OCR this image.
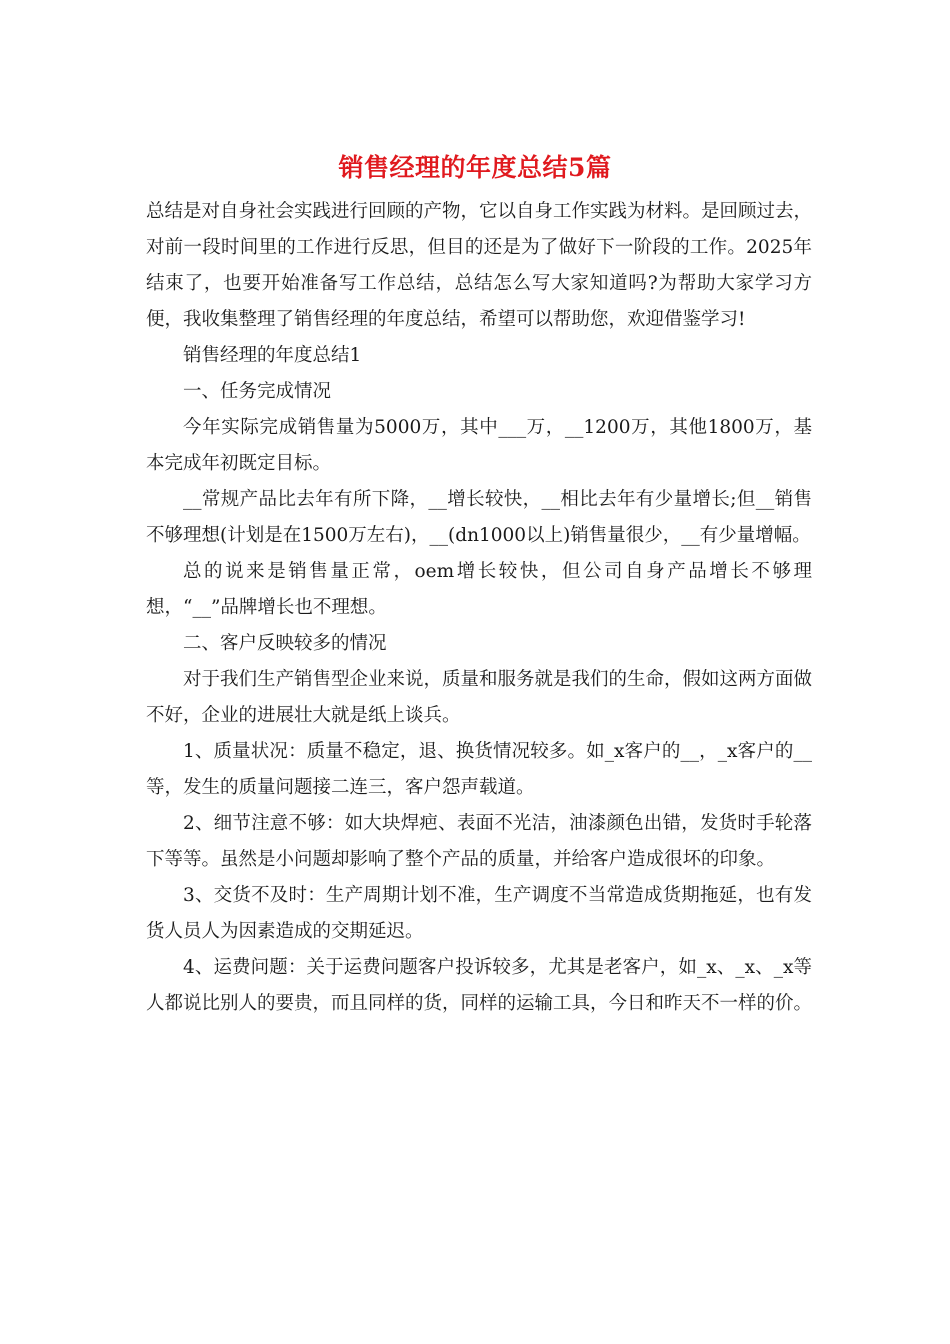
销售经理的年度总结5篇

总结是对自身社会实践进行回顾的产物，它以自身工作实践为材料。是回顾过去，对前一段时间里的工作进行反思，但目的还是为了做好下一阶段的工作。2025年结束了，也要开始准备写工作总结，总结怎么写大家知道吗?为帮助大家学习方便，我收集整理了销售经理的年度总结，希望可以帮助您，欢迎借鉴学习!

销售经理的年度总结1

一、任务完成情况

今年实际完成销售量为5000万，其中___万，__1200万，其他1800万，基本完成年初既定目标。

__常规产品比去年有所下降，__增长较快，__相比去年有少量增长;但__销售不够理想(计划是在1500万左右)，__(dn1000以上)销售量很少，__有少量增幅。

总的说来是销售量正常，oem增长较快，但公司自身产品增长不够理想，“__”品牌增长也不理想。

二、客户反映较多的情况

对于我们生产销售型企业来说，质量和服务就是我们的生命，假如这两方面做不好，企业的进展壮大就是纸上谈兵。

1、质量状况：质量不稳定，退、换货情况较多。如_x客户的__，_x客户的__等，发生的质量问题接二连三，客户怨声载道。

2、细节注意不够：如大块焊疤、表面不光洁，油漆颜色出错，发货时手轮落下等等。虽然是小问题却影响了整个产品的质量，并给客户造成很坏的印象。

3、交货不及时：生产周期计划不准，生产调度不当常造成货期拖延，也有发货人员人为因素造成的交期延迟。

4、运费问题：关于运费问题客户投诉较多，尤其是老客户，如_x、_x、_x等人都说比别人的要贵，而且同样的货，同样的运输工具，今日和昨天不一样的价。
